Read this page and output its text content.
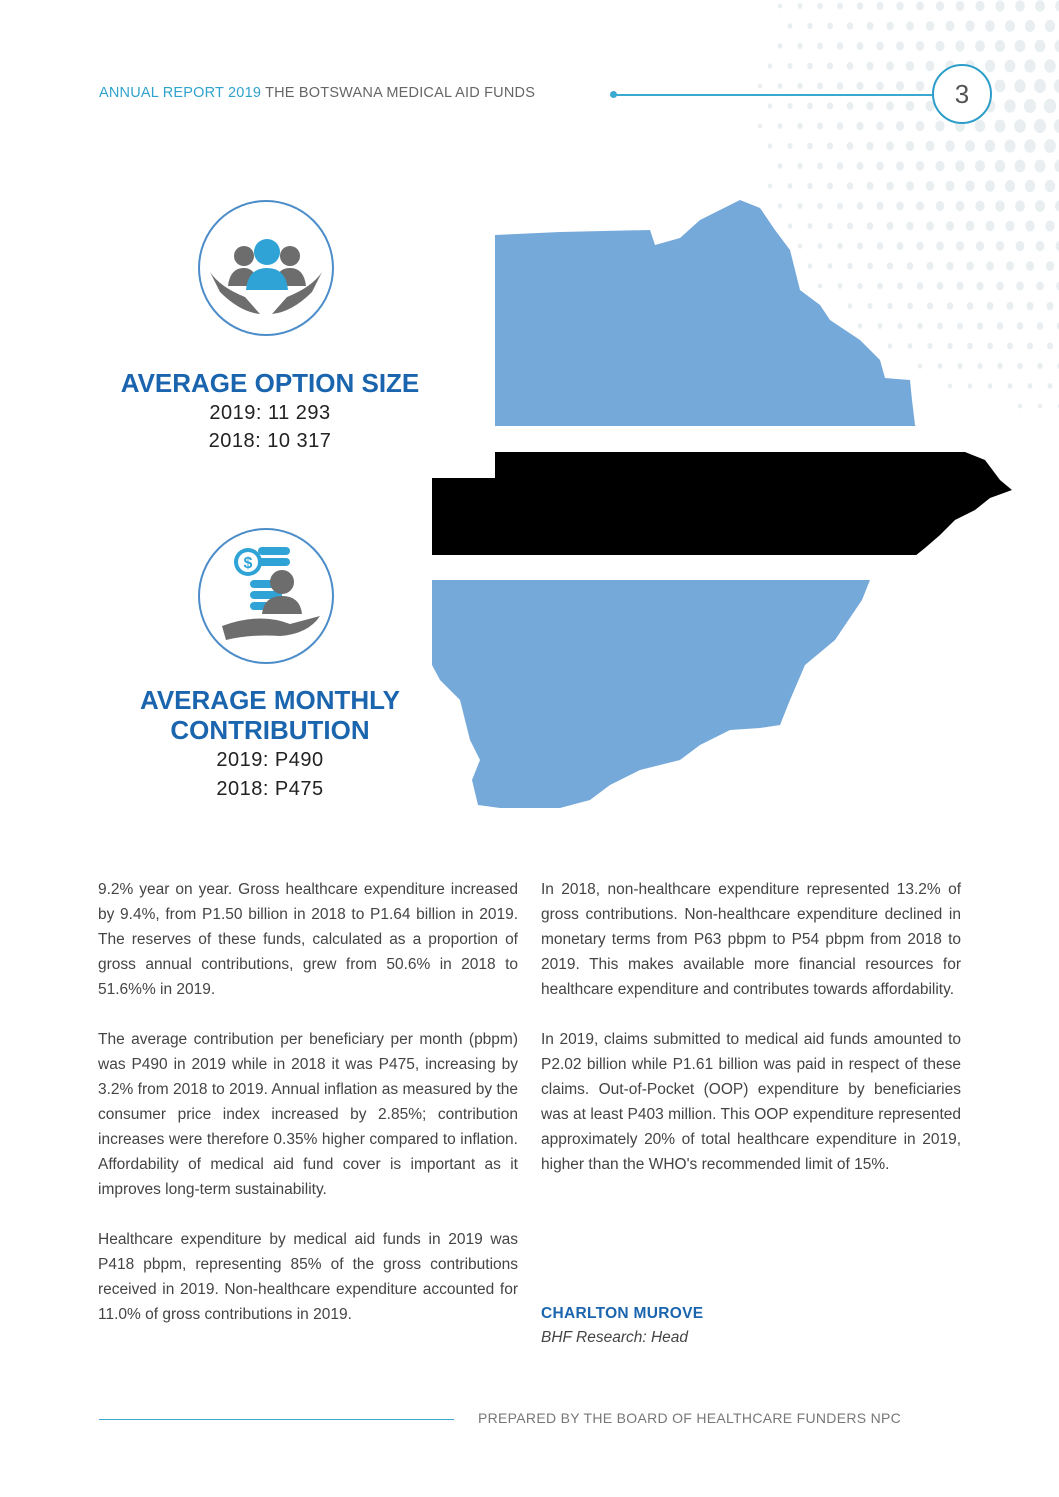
ANNUAL REPORT 2019 THE BOTSWANA MEDICAL AID FUNDS	3
AVERAGE OPTION SIZE
2019: 11 293
2018: 10 317
$
AVERAGE MONTHLY
CONTRIBUTION
2019: P490
2018: P475

9.2% year on year. Gross healthcare expenditure increased by 9.4%, from P1.50 billion in 2018 to P1.64 billion in 2019. The reserves of these funds, calculated as a proportion of gross annual contributions, grew from 50.6% in 2018 to 51.6%% in 2019.

The average contribution per beneficiary per month (pbpm) was P490 in 2019 while in 2018 it was P475, increasing by 3.2% from 2018 to 2019. Annual inflation as measured by the consumer price index increased by 2.85%; contribution increases were therefore 0.35% higher compared to inflation. Affordability of medical aid fund cover is important as it improves long-term sustainability.

Healthcare expenditure by medical aid funds in 2019 was P418 pbpm, representing 85% of the gross contributions received in 2019. Non-healthcare expenditure accounted for 11.0% of gross contributions in 2019.

In 2018, non-healthcare expenditure represented 13.2% of gross contributions. Non-healthcare expenditure declined in monetary terms from P63 pbpm to P54 pbpm from 2018 to 2019. This makes available more financial resources for healthcare expenditure and contributes towards affordability.

In 2019, claims submitted to medical aid funds amounted to P2.02 billion while P1.61 billion was paid in respect of these claims. Out-of-Pocket (OOP) expenditure by beneficiaries was at least P403 million. This OOP expenditure represented approximately 20% of total healthcare expenditure in 2019, higher than the WHO's recommended limit of 15%.

CHARLTON MUROVE
BHF Research: Head
PREPARED BY THE BOARD OF HEALTHCARE FUNDERS NPC
